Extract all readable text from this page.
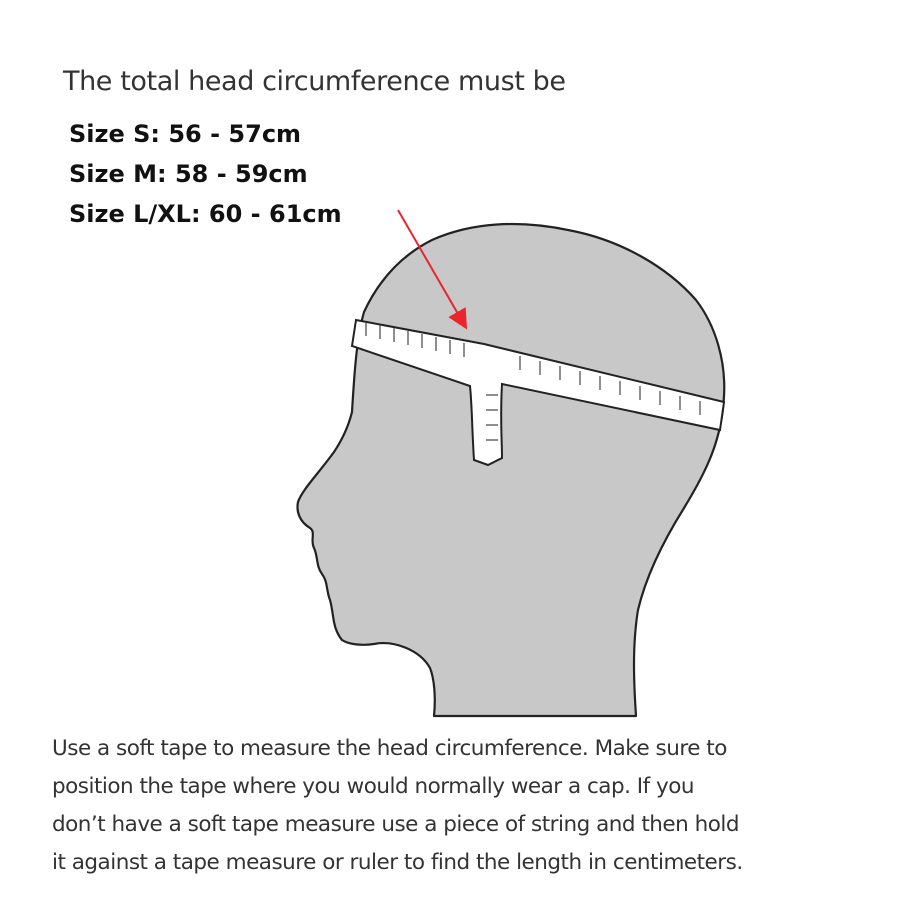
The total head circumference must be
Size S: 56 - 57cm
Size M: 58 - 59cm
Size L/XL: 60 - 61cm

Use a soft tape to measure the head circumference. Make sure to
position the tape where you would normally wear a cap. If you
don’t have a soft tape measure use a piece of string and then hold
it against a tape measure or ruler to find the length in centimeters.
